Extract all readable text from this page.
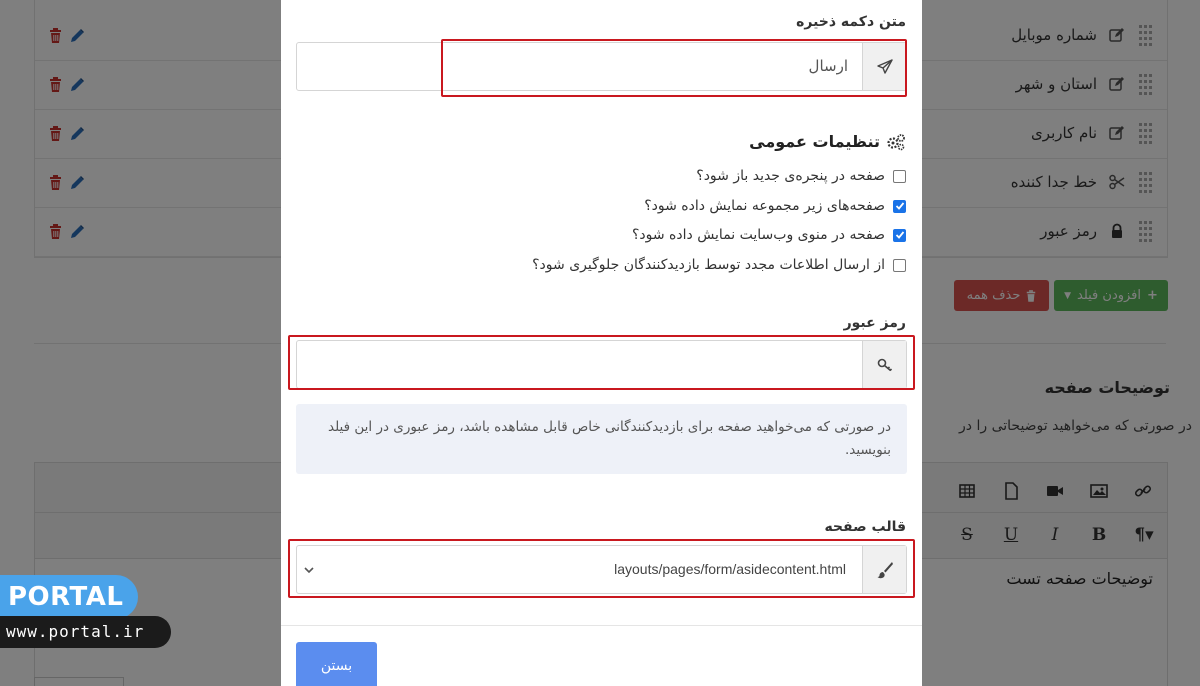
متن دکمه ذخیره
ارسال
تنظیمات عمومی
صفحه در پنجره‌ی جدید باز شود؟
صفحه‌های زیر مجموعه نمایش داده شود؟
صفحه در منوی وب‌سایت نمایش داده شود؟
از ارسال اطلاعات مجدد توسط بازدیدکنندگان جلوگیری شود؟
رمز عبور
در صورتی که می‌خواهید صفحه برای بازدیدکنندگانی خاص قابل مشاهده باشد، رمز عبوری در این فیلد بنویسید.
قالب صفحه
layouts/pages/form/asidecontent.html
بستن
PORTAL
www.portal.ir
